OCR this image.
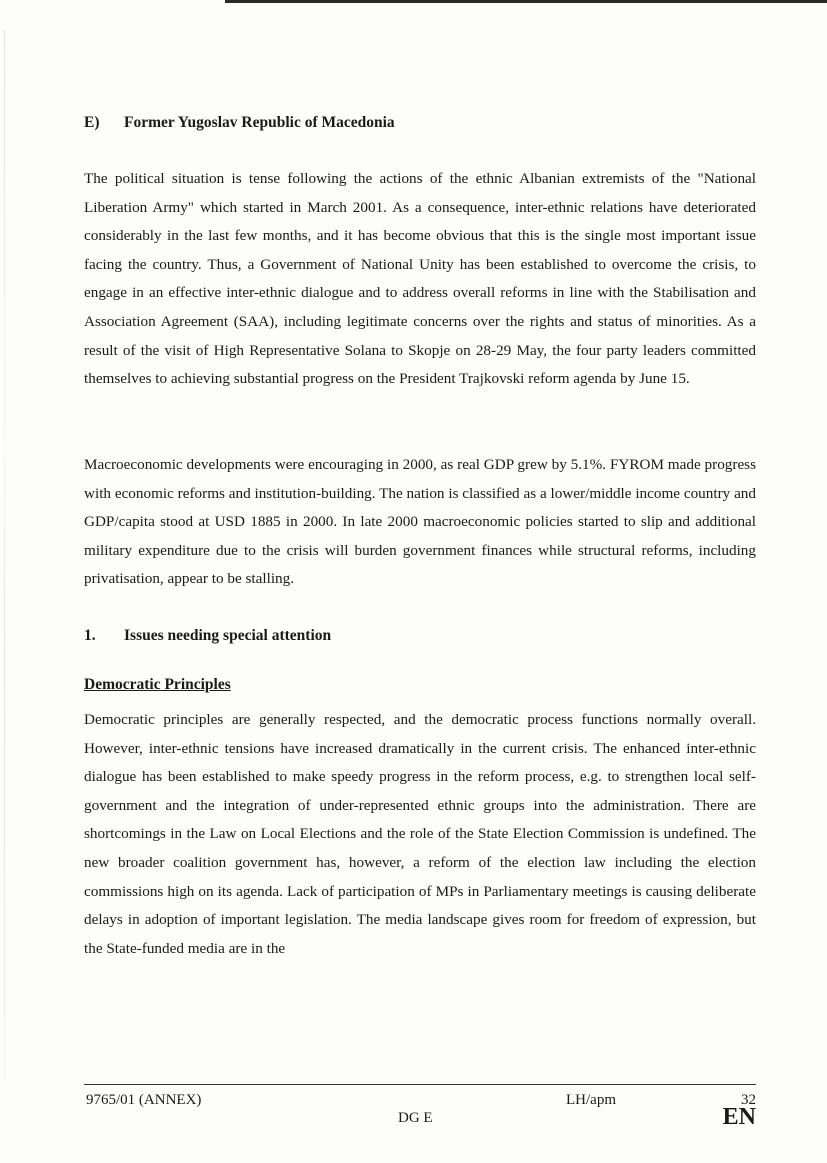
E) Former Yugoslav Republic of Macedonia

The political situation is tense following the actions of the ethnic Albanian extremists of the "National Liberation Army" which started in March 2001. As a consequence, inter-ethnic relations have deteriorated considerably in the last few months, and it has become obvious that this is the single most important issue facing the country. Thus, a Government of National Unity has been established to overcome the crisis, to engage in an effective inter-ethnic dialogue and to address overall reforms in line with the Stabilisation and Association Agreement (SAA), including legitimate concerns over the rights and status of minorities. As a result of the visit of High Representative Solana to Skopje on 28-29 May, the four party leaders committed themselves to achieving substantial progress on the President Trajkovski reform agenda by June 15.

Macroeconomic developments were encouraging in 2000, as real GDP grew by 5.1%. FYROM made progress with economic reforms and institution-building. The nation is classified as a lower/middle income country and GDP/capita stood at USD 1885 in 2000. In late 2000 macroeconomic policies started to slip and additional military expenditure due to the crisis will burden government finances while structural reforms, including privatisation, appear to be stalling.

1. Issues needing special attention
Democratic Principles

Democratic principles are generally respected, and the democratic process functions normally overall. However, inter-ethnic tensions have increased dramatically in the current crisis. The enhanced inter-ethnic dialogue has been established to make speedy progress in the reform process, e.g. to strengthen local self-government and the integration of under-represented ethnic groups into the administration. There are shortcomings in the Law on Local Elections and the role of the State Election Commission is undefined. The new broader coalition government has, however, a reform of the election law including the election commissions high on its agenda. Lack of participation of MPs in Parliamentary meetings is causing deliberate delays in adoption of important legislation. The media landscape gives room for freedom of expression, but the State-funded media are in the

9765/01 (ANNEX)
DG E
LH/apm	32
EN
